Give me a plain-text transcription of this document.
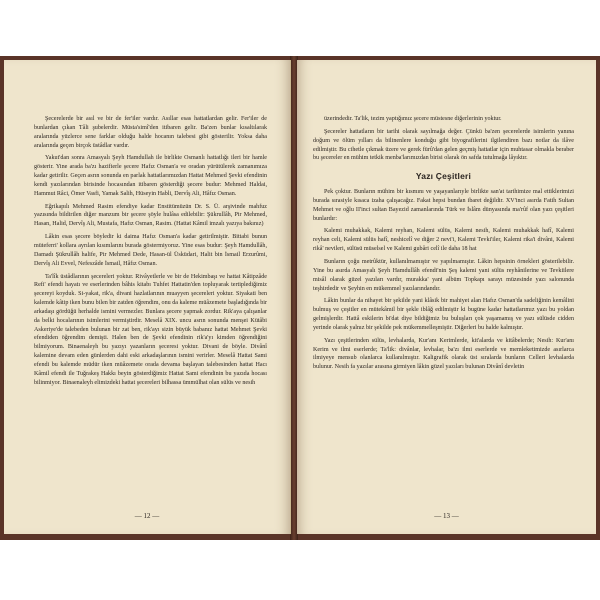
Şecerelerde bir asıl ve bir de fer'iler vardır. Asıllar esas hattatlardan gelir. Fer'iler de bunlardan çıkan Tâli şubelerdir. Müsta'simî'den itibaren gelir. Ba'zen bunlar kısaltılarak aralarında yüzlerce sene farklar olduğu halde hocanın talebesi gibi gösterilir. Yoksa daha aralarında geçen birçok üstâdlar vardır.

Yakut'dan sonra Amasyalı Şeyh Hamdullah ile birlikte Osmanlı hattatlığı ileri bir hamle gösterir. Yine arada ba'zı hazifierle şecere Hafız Osman'a ve oradan yürütülerek zamanımıza kadar getirilir. Geçen asrın sonunda en parlak hattatlarımızdan Hattat Mehmed Şevki efendinin kendi yazılarından birisinde hocasından itibaren gösterdiği şecere budur: Mehmed Haldai, Hammut Râci, Ömer Vasfi, Yamak Salih, Hüseyin Habli, Dervîş Ali, Hâfız Osman.

Eğrikapılı Mehmed Rasim efendiye kadar Enstitümüzün Dr. S. Ü. arşivinde mahfuz yazısında bildirilen diğer manzum bir şecere şöyle hulâsa edilebilir: Şükrullâh, Pir Mehmed, Hasan, Halid, Dervîş Ali, Mustafa, Hafız Osman, Rasim. (Hattat Kâmil imzalı yazıya bakınız)

Lâkin esas şecere böyledir ki daima Hafız Osman'a kadar getirilmiştir. Bittabi bunun müteferri' kollara ayrılan kısımlarını burada göstermiyoruz. Yine esas budur: Şeyh Hamdullâh, Damadı Şükrullâh halife, Pir Mehmed Dede, Hasan-ül Üsküdari, Halit bin İsmail Erzurûmi, Dervîş Ali Evvel, Nefeszâde İsmail, Hâfız Osman.

Ta'lîk üstâdlarının şecereleri yoktur. Rivâyetlerle ve bir de Hekimbaşı ve hattat Kâtipzâde Refi' efendi hayatı ve eserlerinden bâhis kitabı Tuhfet Hattatin'den topluyarak tertiplediğimiz şecereyi koyduk. Si-yakat, rik'a, divani hazlatlarının muayyen şecereleri yoktur. Siyakati ben kalemde kâtip iken bunu bilen bir zatden öğrendim, onu da kaleme müâzemete başladığında bir arkadaşı gördüğü herhalde ismini vermezler. Bunlara şecere yapmak zordur. Rik'aya çalışanlar da belki hocalarının isimlerini vermiştirdir. Meselâ XIX. uncu asrın sonunda menşei Kütâbi Askeriye'de talebeden bulunan bir zat ben, rik'ayı sizin büyük babanız hattat Mehmet Şevki efendiden öğrendim demişti. Halen ben de Şevki efendinin rik'a'yı kimden öğrendiğini bilmiyorum. Binaenaleyh bu yazıyı yazanların şeceresi yoktur. Divani de böyle. Divânî kalemine devam eden günlerden dahi eski arkadaşlarının ismini verirler. Meselâ Hattat Sami efendi bu kalemde müdür iken müâzemete orada devama başlayan talebesinden hattat Hacı Kâmil efendi ile Tuğrakeş Hakkı beyin gösterdiğimiz Hattat Sami efendinin bu yazıda hocası bilinmiyor. Binaenaleyh elimizdeki hattat şecereleri bilhassa ümmülhat olan sülüs ve nesih

— 12 —

üzerindedir. Ta'lik, tezim yaptığımız şecere müstesne diğerlerinin yoktur.

Şecereler hattatların bir tarihi olarak sayılmağa değer. Çünkü ba'zen şecerelerde isimlerin yanına doğum ve ölüm yılları da bilinenlere konduğu gibi biyografilerini ilgilendiren bazı notlar da ilâve edilmiştir. Bu cihetle çıkmak üzere ve gerek fürû'dan gelen geçmiş hattatlar için muhtasar olmakla beraber bu şecereler en mühim tetkik menba'larımızdan birisi olarak ön safda tutulmağa lâyıktır.

Yazı Çeşitleri

Pek çoktur. Bunların mühim bir kısmını ve yaşayanlarıyle birlikte san'at tarihimize mal ettiklerimizi burada sırasiyle kısaca izaha çalışacağız. Fakat hepsi bundan ibaret değildir. XV'inci asırda Fatih Sultan Mehmet ve oğlu II'inci sultan Bayezid zamanlarında Türk ve İslâm dünyasında ma'rûf olan yazı çeşitleri bunlardır:

Kalemi muhakkak, Kalemi reyhan, Kalemi sülüs, Kalemi nesih, Kalemi muhakkak hafî, Kalemi reyhan celi, Kalemi sülüs hafî, neshicelî ve diğer 2 nevi'i, Kalemi Tevki'iler, Kalemi rika'i divâni, Kalemi rikâ' nevileri, sülüsü müselsel ve Kalemi gubâri celî ile daha 18 hat

Bunların çoğu metrûktür, kullanılmamıştır ve yapılmamıştır. Lâkin hepsinin örnekleri gösterilebilir. Yine bu asırda Amasyalı Şeyh Hamdullâh efendi'nin Şeş kalemi yani sülüs reyhânilerine ve Tevkiilere misâl olarak güzel yazıları vardır, murakka' yani albüm Topkapı sarayı müzesinde yazı salonunda teşhirdedir ve Şeyhin en mükemmel yazılarındandır.

Lâkin bunlar da nihayet bir şekilde yani klâsik bir mahiyet alan Hafız Osman'da sadeliğinin kemâlini bulmuş ve çeşitler en mütekâmil bir şekle iblâğ edilmiştir ki bugüne kadar hattatlarımız yazı bu yoldan gelmişlerdir. Hattâ eskilerin bi'dat diye bildiğimiz bu buluşları çok yaşamamış ve yazı sülüsde cidden yerinde olarak yalnız bir şekilde pek mükemmelleşmiştir. Diğerleri bu halde kalmıştır.

Yazı çeşitlerinden sülüs, levhalarda, Kur'anı Kerimlerde, kit'alarda ve kitâbelerde; Nesih: Kur'anı Kerim ve ilmi eserlerde; Ta'lik: divânlar, levhalar, ba'zı ilmi eserlerde ve memleketimizde asırlarca ilmiyeye mensub olanlarca kullanılmıştır. Kaligrafik olarak üst sıralarda bunların Celleri levhalarda bulunur. Nesih fa yazılar arasına girmiyen lâkin güzel yazıları bulunan Divânî devletin

— 13 —
